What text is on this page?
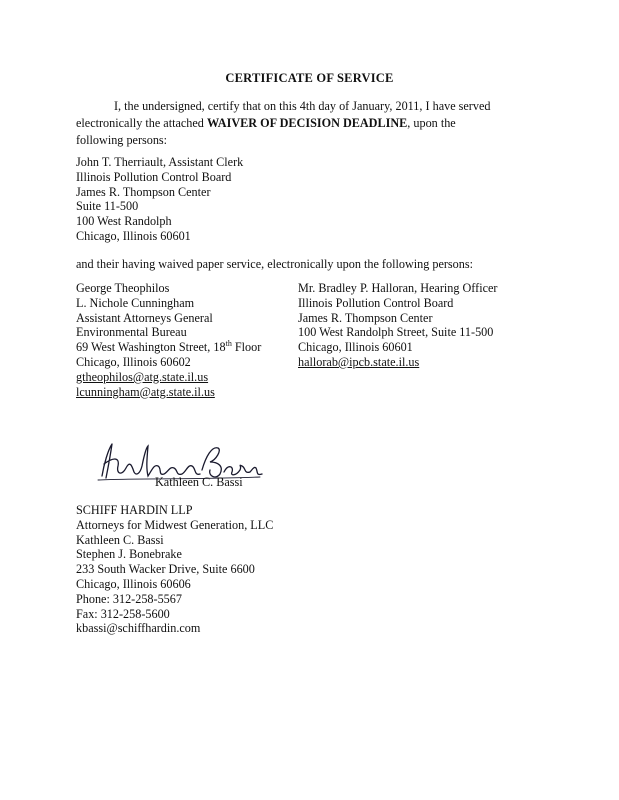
CERTIFICATE OF SERVICE
I, the undersigned, certify that on this 4th day of January, 2011, I have served electronically the attached WAIVER OF DECISION DEADLINE, upon the following persons:
John T. Therriault, Assistant Clerk
Illinois Pollution Control Board
James R. Thompson Center
Suite 11-500
100 West Randolph
Chicago, Illinois 60601
and their having waived paper service, electronically upon the following persons:
George Theophilos
L. Nichole Cunningham
Assistant Attorneys General
Environmental Bureau
69 West Washington Street, 18th Floor
Chicago, Illinois 60602
gtheophilos@atg.state.il.us
lcunningham@atg.state.il.us
Mr. Bradley P. Halloran, Hearing Officer
Illinois Pollution Control Board
James R. Thompson Center
100 West Randolph Street, Suite 11-500
Chicago, Illinois 60601
hallorab@ipcb.state.il.us
Kathleen C. Bassi
SCHIFF HARDIN LLP
Attorneys for Midwest Generation, LLC
Kathleen C. Bassi
Stephen J. Bonebrake
233 South Wacker Drive, Suite 6600
Chicago, Illinois 60606
Phone: 312-258-5567
Fax: 312-258-5600
kbassi@schiffhardin.com
